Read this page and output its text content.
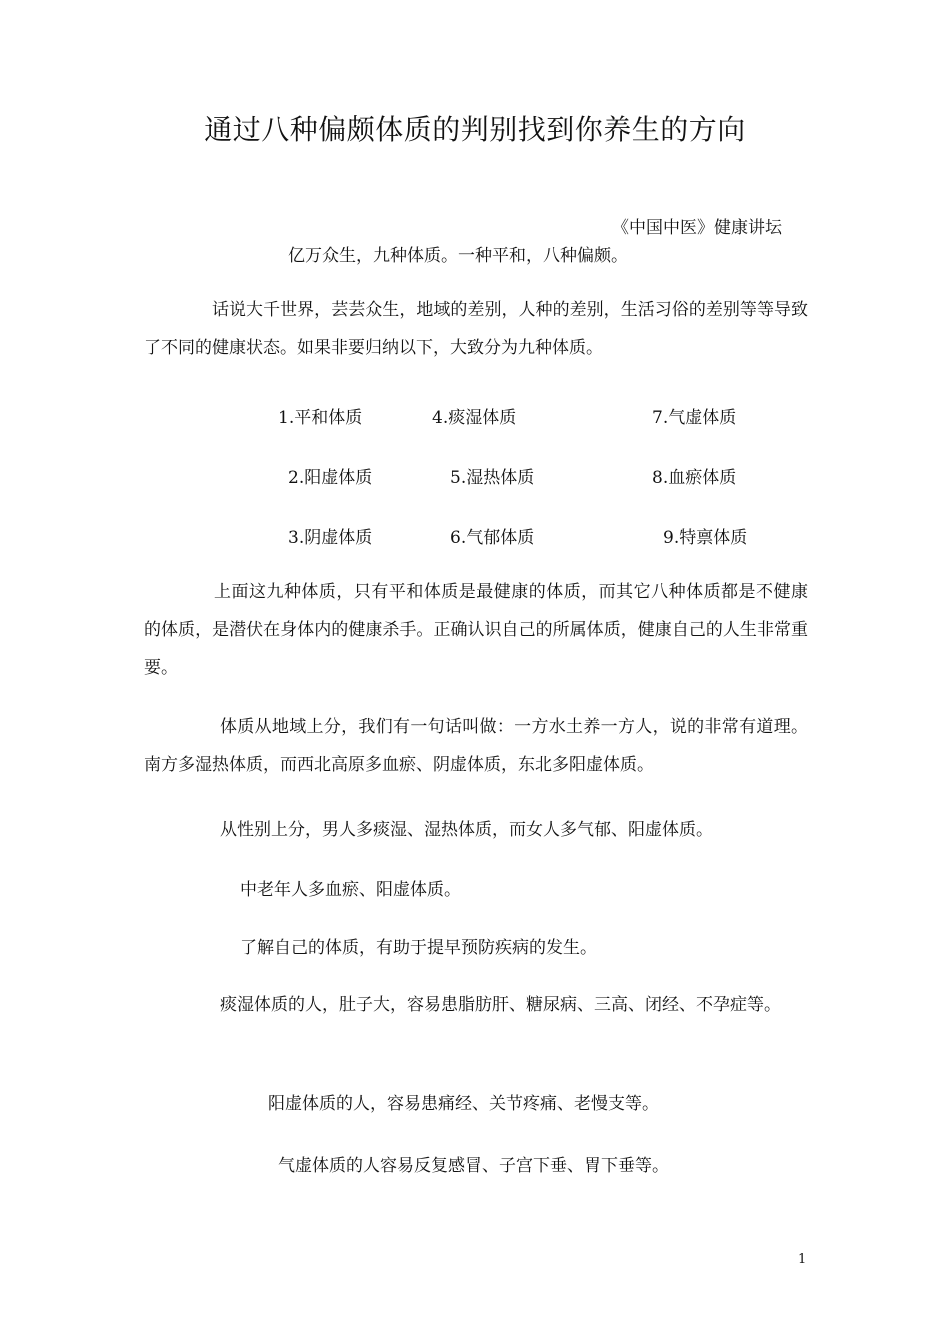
通过八种偏颇体质的判别找到你养生的方向
《中国中医》健康讲坛
亿万众生，九种体质。一种平和，八种偏颇。

话说大千世界，芸芸众生，地域的差别，人种的差别，生活习俗的差别等等导致了不同的健康状态。如果非要归纳以下，大致分为九种体质。

1.平和体质	4.痰湿体质	7.气虚体质
2.阳虚体质	5.湿热体质	8.血瘀体质
3.阴虚体质	6.气郁体质	9.特禀体质

上面这九种体质，只有平和体质是最健康的体质，而其它八种体质都是不健康的体质，是潜伏在身体内的健康杀手。正确认识自己的所属体质，健康自己的人生非常重要。

体质从地域上分，我们有一句话叫做：一方水土养一方人，说的非常有道理。南方多湿热体质，而西北高原多血瘀、阴虚体质，东北多阳虚体质。

从性别上分，男人多痰湿、湿热体质，而女人多气郁、阳虚体质。
中老年人多血瘀、阳虚体质。
了解自己的体质，有助于提早预防疾病的发生。

痰湿体质的人，肚子大，容易患脂肪肝、糖尿病、三高、闭经、不孕症等。

阳虚体质的人，容易患痛经、关节疼痛、老慢支等。
气虚体质的人容易反复感冒、子宫下垂、胃下垂等。
1
